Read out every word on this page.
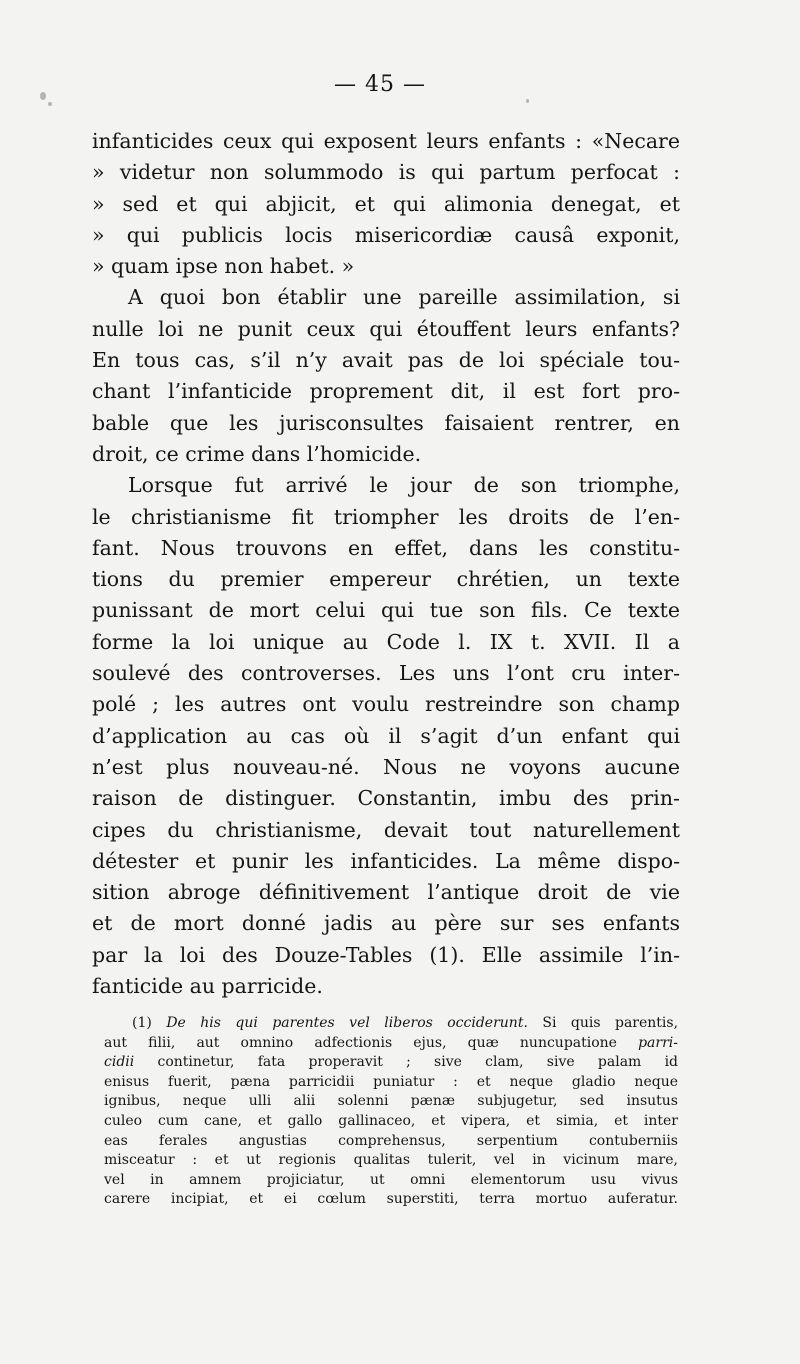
— 45 —
infanticides ceux qui exposent leurs enfants : «Necare
» videtur non solummodo is qui partum perfocat :
» sed et qui abjicit, et qui alimonia denegat, et
» qui publicis locis misericordiæ causâ exponit,
» quam ipse non habet. »
A quoi bon établir une pareille assimilation, si
nulle loi ne punit ceux qui étouffent leurs enfants?
En tous cas, s’il n’y avait pas de loi spéciale tou-
chant l’infanticide proprement dit, il est fort pro-
bable que les jurisconsultes faisaient rentrer, en
droit, ce crime dans l’homicide.
Lorsque fut arrivé le jour de son triomphe,
le christianisme fit triompher les droits de l’en-
fant. Nous trouvons en effet, dans les constitu-
tions du premier empereur chrétien, un texte
punissant de mort celui qui tue son fils. Ce texte
forme la loi unique au Code l. IX t. XVII. Il a
soulevé des controverses. Les uns l’ont cru inter-
polé ; les autres ont voulu restreindre son champ
d’application au cas où il s’agit d’un enfant qui
n’est plus nouveau-né. Nous ne voyons aucune
raison de distinguer. Constantin, imbu des prin-
cipes du christianisme, devait tout naturellement
détester et punir les infanticides. La même dispo-
sition abroge définitivement l’antique droit de vie
et de mort donné jadis au père sur ses enfants
par la loi des Douze-Tables (1). Elle assimile l’in-
fanticide au parricide.
(1) De his qui parentes vel liberos occiderunt. Si quis parentis,
aut filii, aut omnino adfectionis ejus, quæ nuncupatione parri-
cidii continetur, fata properavit ; sive clam, sive palam id
enisus fuerit, pæna parricidii puniatur : et neque gladio neque
ignibus, neque ulli alii solenni pænæ subjugetur, sed insutus
culeo cum cane, et gallo gallinaceo, et vipera, et simia, et inter
eas ferales angustias comprehensus, serpentium contuberniis
misceatur : et ut regionis qualitas tulerit, vel in vicinum mare,
vel in amnem projiciatur, ut omni elementorum usu vivus
carere incipiat, et ei cœlum superstiti, terra mortuo auferatur.
